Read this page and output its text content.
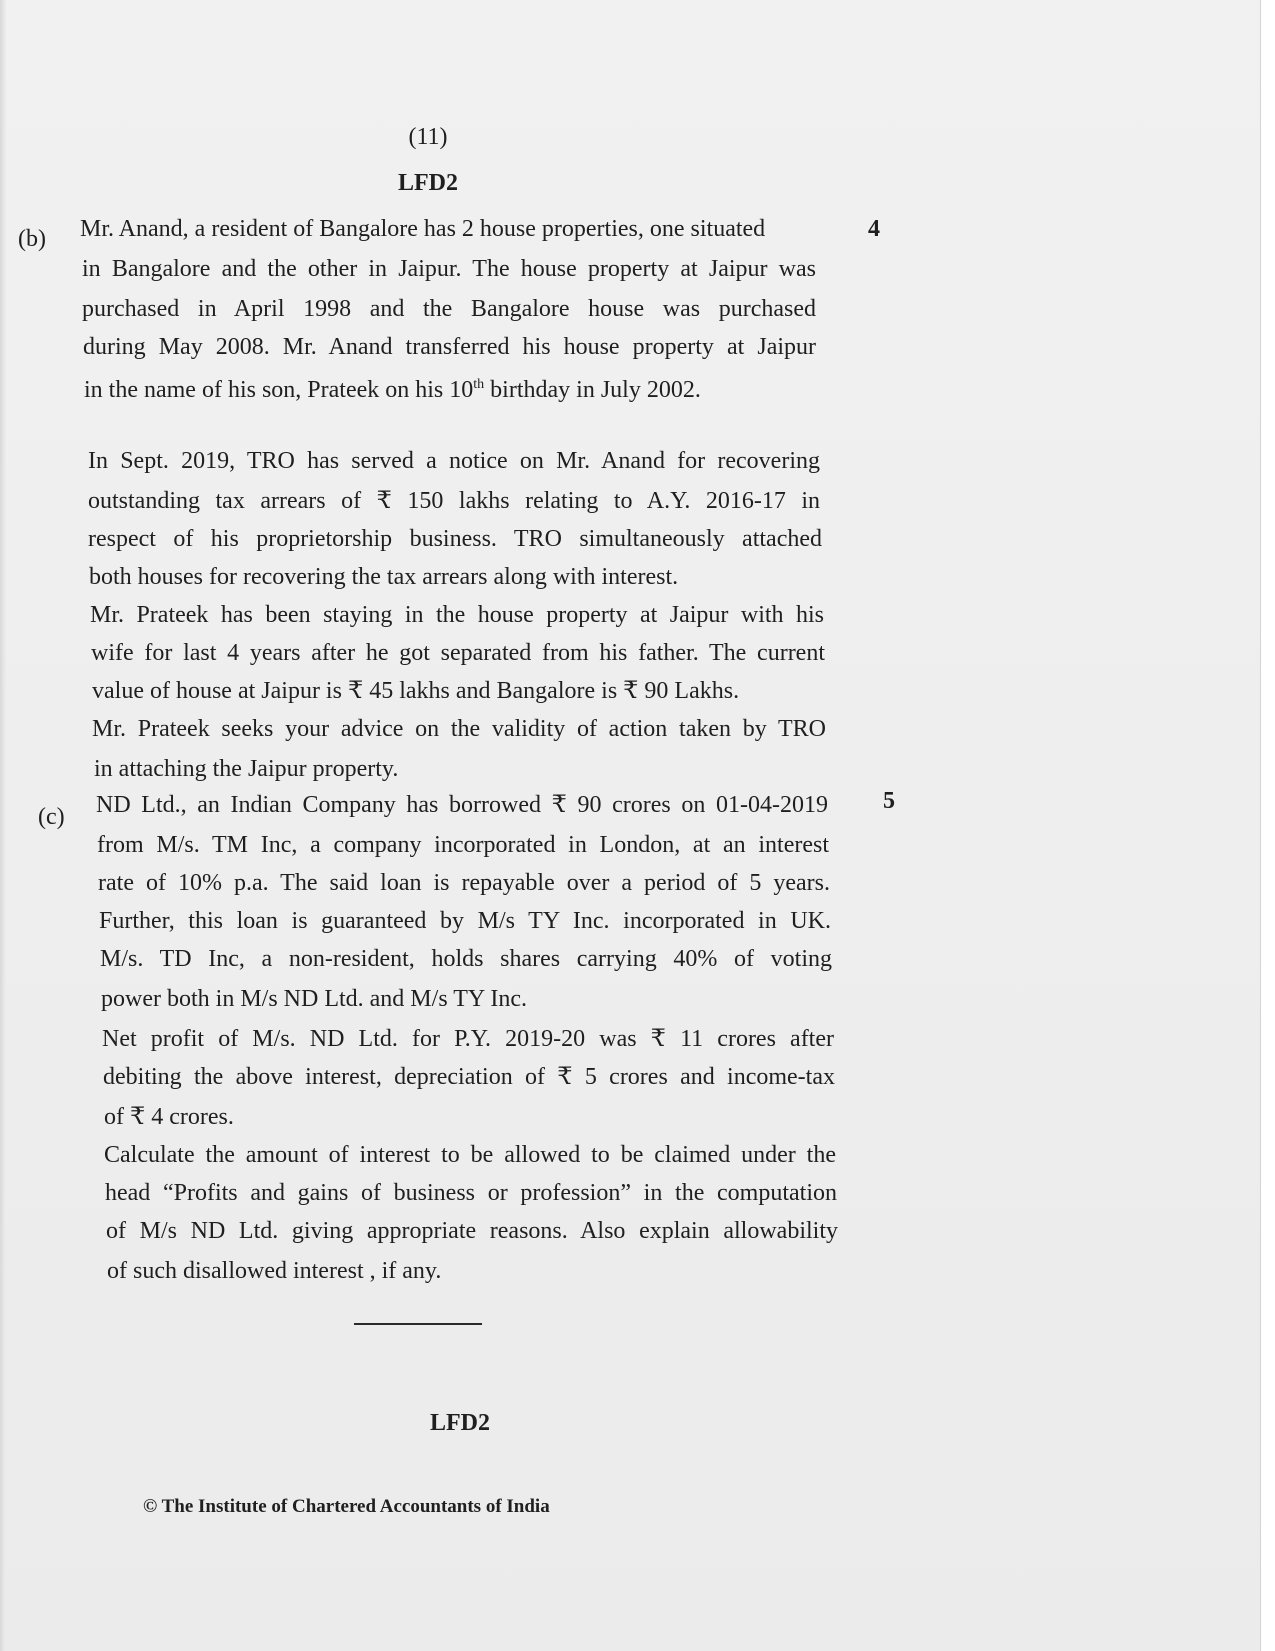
(11)
LFD2
(b)	4
Mr. Anand, a resident of Bangalore has 2 house properties, one situated
in Bangalore and the other in Jaipur. The house property at Jaipur was
purchased in April 1998 and the Bangalore house was purchased
during May 2008. Mr. Anand transferred his house property at Jaipur
in the name of his son, Prateek on his 10th birthday in July 2002.
In Sept. 2019, TRO has served a notice on Mr. Anand for recovering
outstanding tax arrears of ₹ 150 lakhs relating to A.Y. 2016-17 in
respect of his proprietorship business. TRO simultaneously attached
both houses for recovering the tax arrears along with interest.
Mr. Prateek has been staying in the house property at Jaipur with his
wife for last 4 years after he got separated from his father. The current
value of house at Jaipur is ₹ 45 lakhs and Bangalore is ₹ 90 Lakhs.
Mr. Prateek seeks your advice on the validity of action taken by TRO
in attaching the Jaipur property.
(c)
5
ND Ltd., an Indian Company has borrowed ₹ 90 crores on 01-04-2019
from M/s. TM Inc, a company incorporated in London, at an interest
rate of 10% p.a. The said loan is repayable over a period of 5 years.
Further, this loan is guaranteed by M/s TY Inc. incorporated in UK.
M/s. TD Inc, a non-resident, holds shares carrying 40% of voting
power both in M/s ND Ltd. and M/s TY Inc.
Net profit of M/s. ND Ltd. for P.Y. 2019-20 was ₹ 11 crores after
debiting the above interest, depreciation of ₹ 5 crores and income-tax
of ₹ 4 crores.
Calculate the amount of interest to be allowed to be claimed under the
head “Profits and gains of business or profession” in the computation
of M/s ND Ltd. giving appropriate reasons. Also explain allowability
of such disallowed interest , if any.
LFD2
© The Institute of Chartered Accountants of India
